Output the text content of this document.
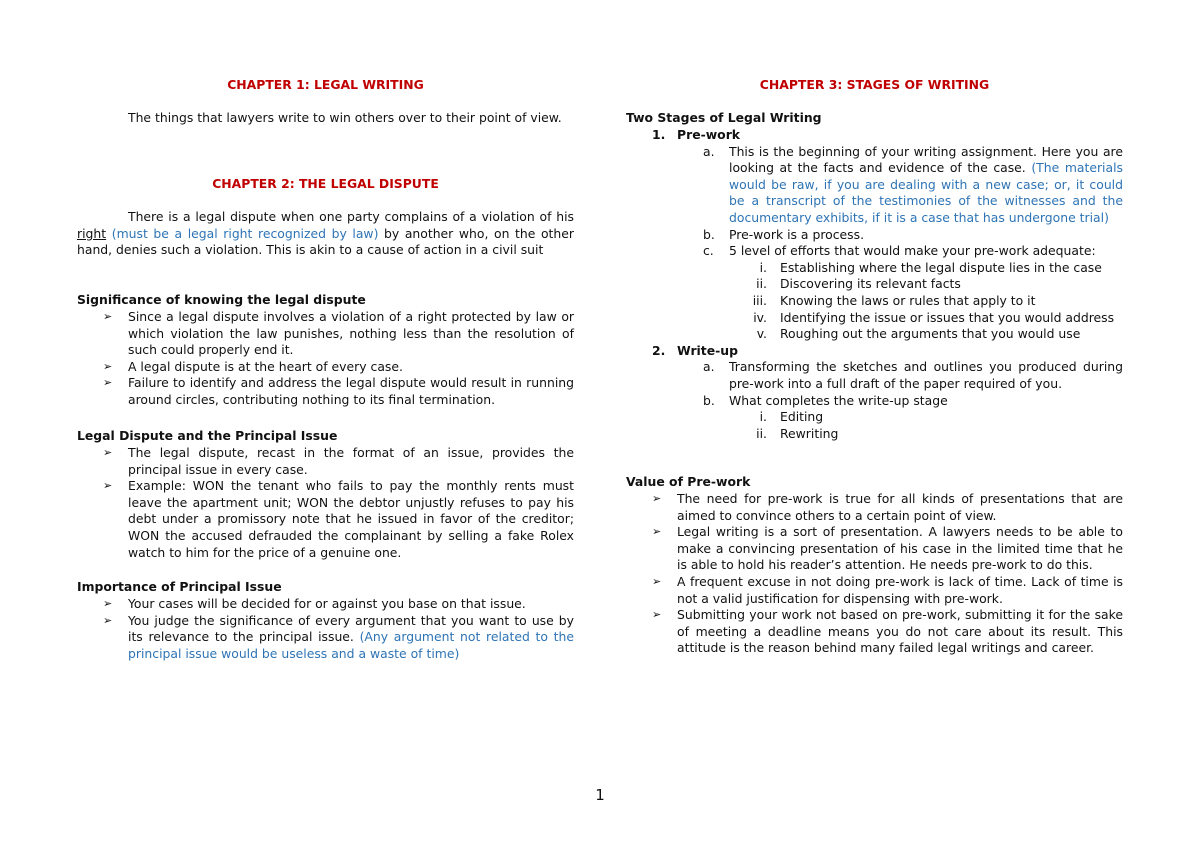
CHAPTER 1: LEGAL WRITING
The things that lawyers write to win others over to their point of view.
CHAPTER 2: THE LEGAL DISPUTE
There is a legal dispute when one party complains of a violation of his right (must be a legal right recognized by law) by another who, on the other hand, denies such a violation. This is akin to a cause of action in a civil suit
Significance of knowing the legal dispute
➢ Since a legal dispute involves a violation of a right protected by law or which violation the law punishes, nothing less than the resolution of such could properly end it.
➢ A legal dispute is at the heart of every case.
➢ Failure to identify and address the legal dispute would result in running around circles, contributing nothing to its final termination.
Legal Dispute and the Principal Issue
➢ The legal dispute, recast in the format of an issue, provides the principal issue in every case.
➢ Example: WON the tenant who fails to pay the monthly rents must leave the apartment unit; WON the debtor unjustly refuses to pay his debt under a promissory note that he issued in favor of the creditor; WON the accused defrauded the complainant by selling a fake Rolex watch to him for the price of a genuine one.
Importance of Principal Issue
➢ Your cases will be decided for or against you base on that issue.
➢ You judge the significance of every argument that you want to use by its relevance to the principal issue. (Any argument not related to the principal issue would be useless and a waste of time)
CHAPTER 3: STAGES OF WRITING
Two Stages of Legal Writing
1. Pre-work
a. This is the beginning of your writing assignment. Here you are looking at the facts and evidence of the case. (The materials would be raw, if you are dealing with a new case; or, it could be a transcript of the testimonies of the witnesses and the documentary exhibits, if it is a case that has undergone trial)
b. Pre-work is a process.
c. 5 level of efforts that would make your pre-work adequate:
i. Establishing where the legal dispute lies in the case
ii. Discovering its relevant facts
iii. Knowing the laws or rules that apply to it
iv. Identifying the issue or issues that you would address
v. Roughing out the arguments that you would use
2. Write-up
a. Transforming the sketches and outlines you produced during pre-work into a full draft of the paper required of you.
b. What completes the write-up stage
i. Editing
ii. Rewriting
Value of Pre-work
➢ The need for pre-work is true for all kinds of presentations that are aimed to convince others to a certain point of view.
➢ Legal writing is a sort of presentation. A lawyers needs to be able to make a convincing presentation of his case in the limited time that he is able to hold his reader’s attention. He needs pre-work to do this.
➢ A frequent excuse in not doing pre-work is lack of time. Lack of time is not a valid justification for dispensing with pre-work.
➢ Submitting your work not based on pre-work, submitting it for the sake of meeting a deadline means you do not care about its result. This attitude is the reason behind many failed legal writings and career.
1
